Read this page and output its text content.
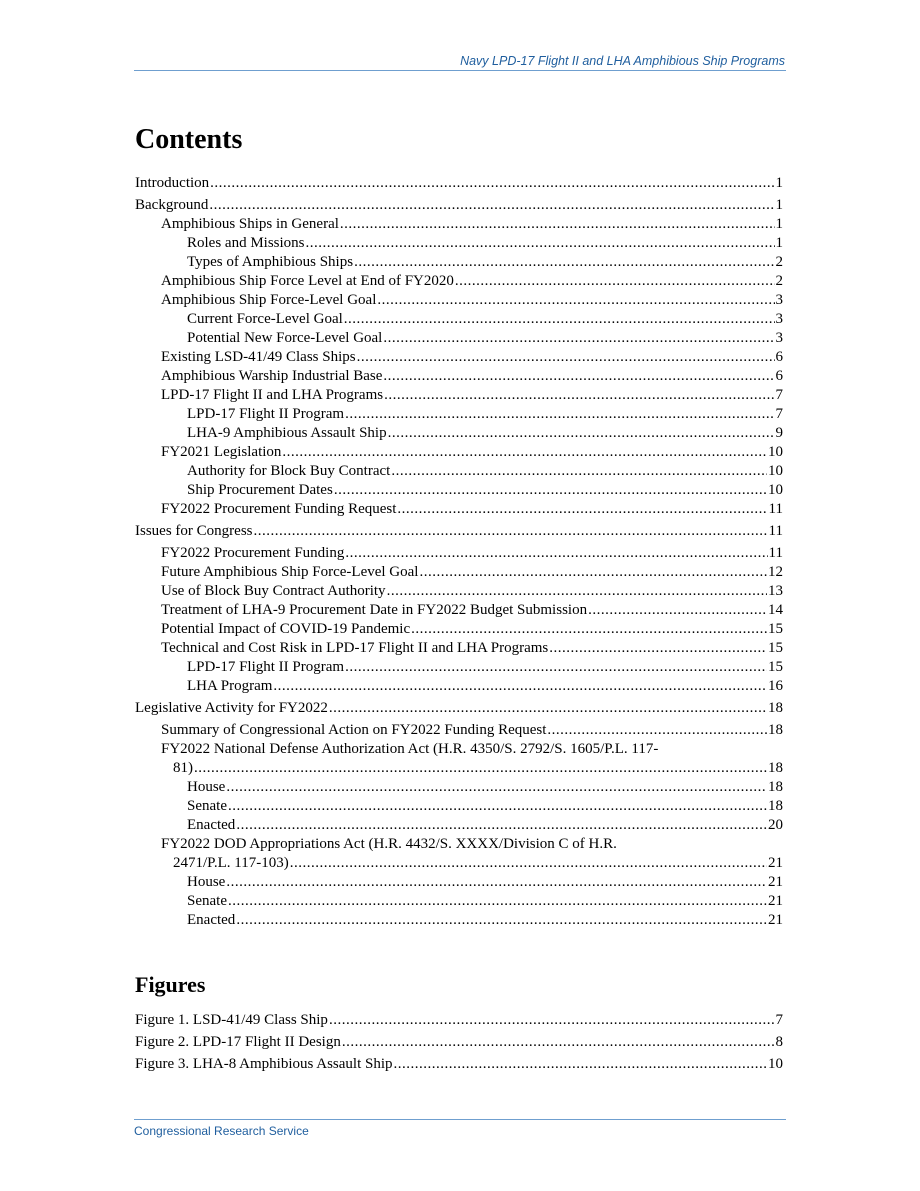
Navy LPD-17 Flight II and LHA Amphibious Ship Programs
Contents
Introduction .....	1
Background .....	1
Amphibious Ships in General .....	1
Roles and Missions .....	1
Types of Amphibious Ships .....	2
Amphibious Ship Force Level at End of FY2020 .....	2
Amphibious Ship Force-Level Goal .....	3
Current Force-Level Goal .....	3
Potential New Force-Level Goal .....	3
Existing LSD-41/49 Class Ships .....	6
Amphibious Warship Industrial Base .....	6
LPD-17 Flight II and LHA Programs .....	7
LPD-17 Flight II Program .....	7
LHA-9 Amphibious Assault Ship .....	9
FY2021 Legislation .....	10
Authority for Block Buy Contract .....	10
Ship Procurement Dates .....	10
FY2022 Procurement Funding Request .....	11
Issues for Congress .....	11
FY2022 Procurement Funding .....	11
Future Amphibious Ship Force-Level Goal .....	12
Use of Block Buy Contract Authority .....	13
Treatment of LHA-9 Procurement Date in FY2022 Budget Submission .....	14
Potential Impact of COVID-19 Pandemic .....	15
Technical and Cost Risk in LPD-17 Flight II and LHA Programs .....	15
LPD-17 Flight II Program .....	15
LHA Program .....	16
Legislative Activity for FY2022 .....	18
Summary of Congressional Action on FY2022 Funding Request .....	18
FY2022 National Defense Authorization Act (H.R. 4350/S. 2792/S. 1605/P.L. 117-
81) .....	18
House .....	18
Senate .....	18
Enacted .....	20
FY2022 DOD Appropriations Act (H.R. 4432/S. XXXX/Division C of H.R.
2471/P.L. 117-103) .....	21
House .....	21
Senate .....	21
Enacted .....	21
Figures
Figure 1. LSD-41/49 Class Ship .....	7
Figure 2. LPD-17 Flight II Design .....	8
Figure 3. LHA-8 Amphibious Assault Ship .....	10
Congressional Research Service
